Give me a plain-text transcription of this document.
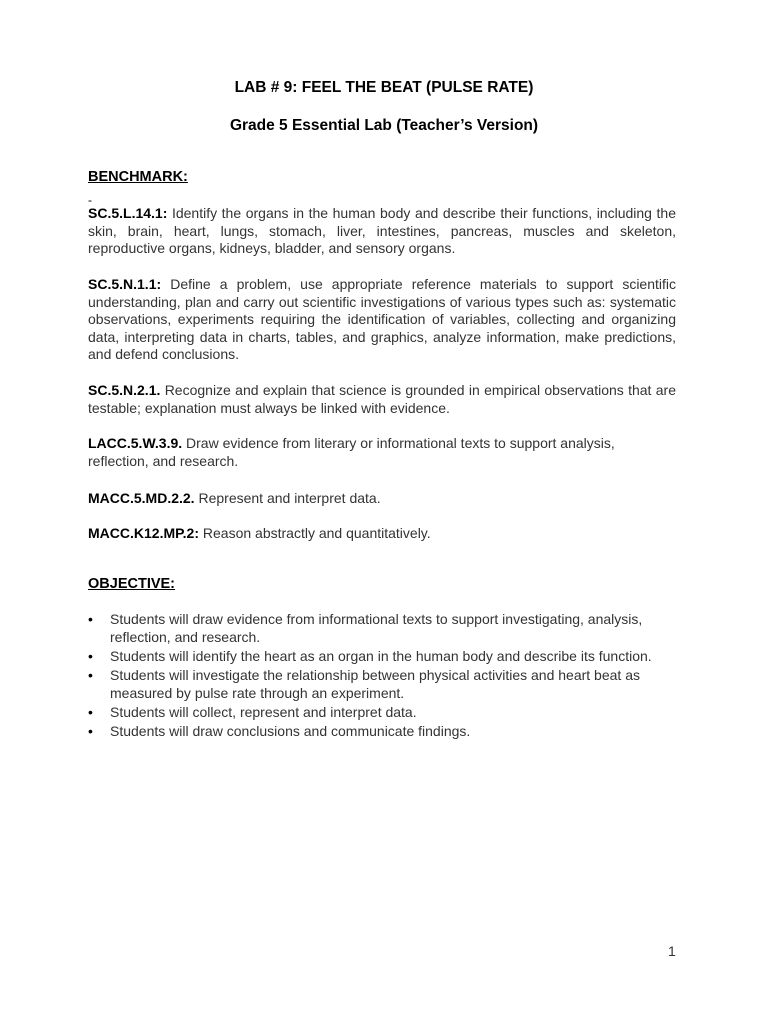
LAB # 9: FEEL THE BEAT (PULSE RATE)
Grade 5 Essential Lab (Teacher’s Version)
BENCHMARK:
-
SC.5.L.14.1: Identify the organs in the human body and describe their functions, including the skin, brain, heart, lungs, stomach, liver, intestines, pancreas, muscles and skeleton, reproductive organs, kidneys, bladder, and sensory organs.
SC.5.N.1.1: Define a problem, use appropriate reference materials to support scientific understanding, plan and carry out scientific investigations of various types such as: systematic observations, experiments requiring the identification of variables, collecting and organizing data, interpreting data in charts, tables, and graphics, analyze information, make predictions, and defend conclusions.
SC.5.N.2.1. Recognize and explain that science is grounded in empirical observations that are testable; explanation must always be linked with evidence.
LACC.5.W.3.9. Draw evidence from literary or informational texts to support analysis, reflection, and research.
MACC.5.MD.2.2. Represent and interpret data.
MACC.K12.MP.2: Reason abstractly and quantitatively.
OBJECTIVE:
• Students will draw evidence from informational texts to support investigating, analysis, reflection, and research.
• Students will identify the heart as an organ in the human body and describe its function.
• Students will investigate the relationship between physical activities and heart beat as measured by pulse rate through an experiment.
• Students will collect, represent and interpret data.
• Students will draw conclusions and communicate findings.
1
